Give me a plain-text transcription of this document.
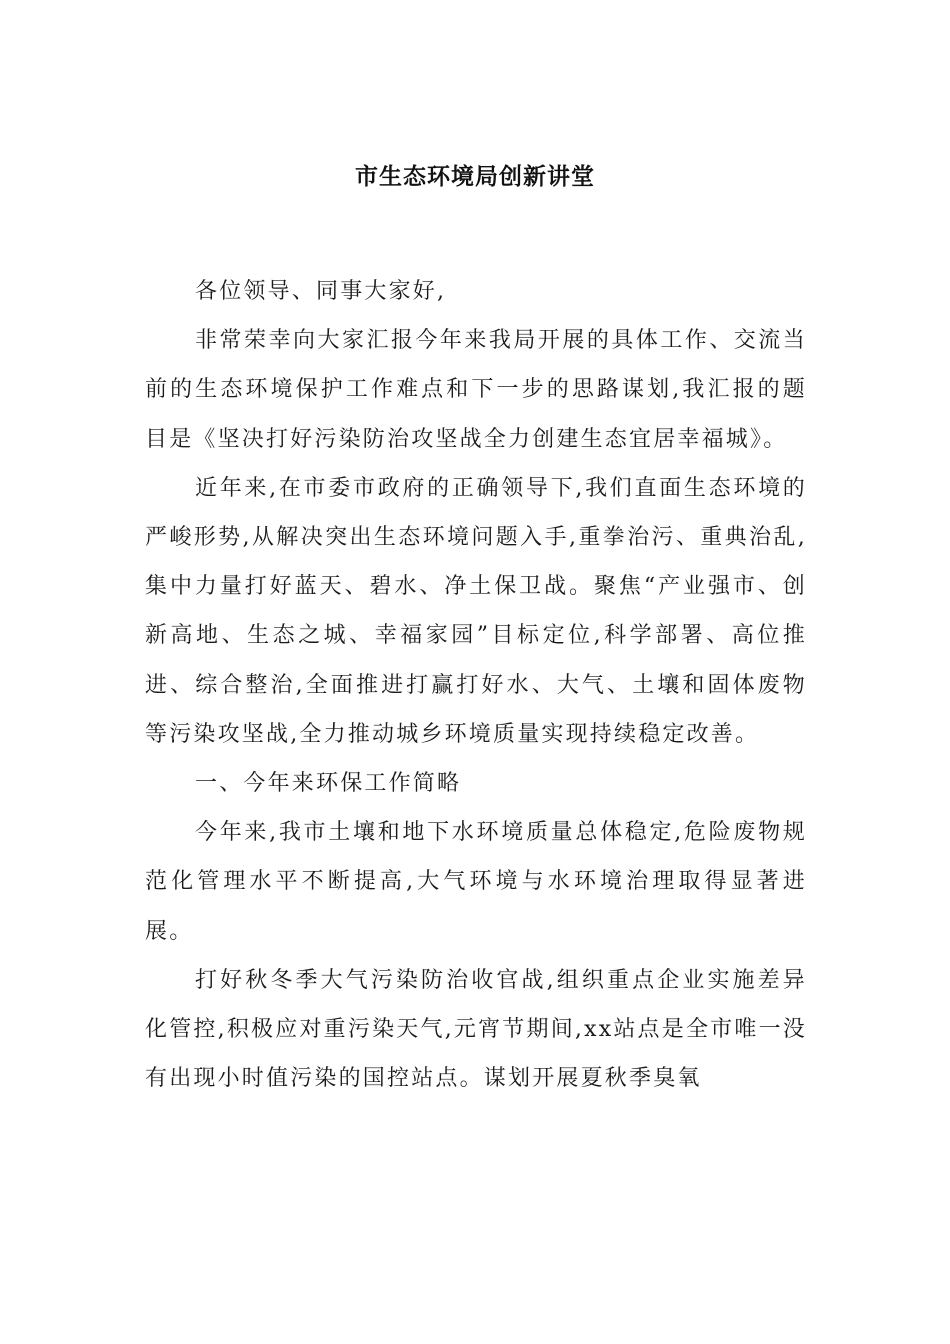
市生态环境局创新讲堂

各位领导、同事大家好,

非常荣幸向大家汇报今年来我局开展的具体工作、交流当前的生态环境保护工作难点和下一步的思路谋划,我汇报的题目是《坚决打好污染防治攻坚战全力创建生态宜居幸福城》。

近年来,在市委市政府的正确领导下,我们直面生态环境的严峻形势,从解决突出生态环境问题入手,重拳治污、重典治乱,集中力量打好蓝天、碧水、净土保卫战。聚焦“产业强市、创新高地、生态之城、幸福家园”目标定位,科学部署、高位推进、综合整治,全面推进打赢打好水、大气、土壤和固体废物等污染攻坚战,全力推动城乡环境质量实现持续稳定改善。

一、今年来环保工作简略

今年来,我市土壤和地下水环境质量总体稳定,危险废物规范化管理水平不断提高,大气环境与水环境治理取得显著进展。

打好秋冬季大气污染防治收官战,组织重点企业实施差异化管控,积极应对重污染天气,元宵节期间,xx站点是全市唯一没有出现小时值污染的国控站点。谋划开展夏秋季臭氧
